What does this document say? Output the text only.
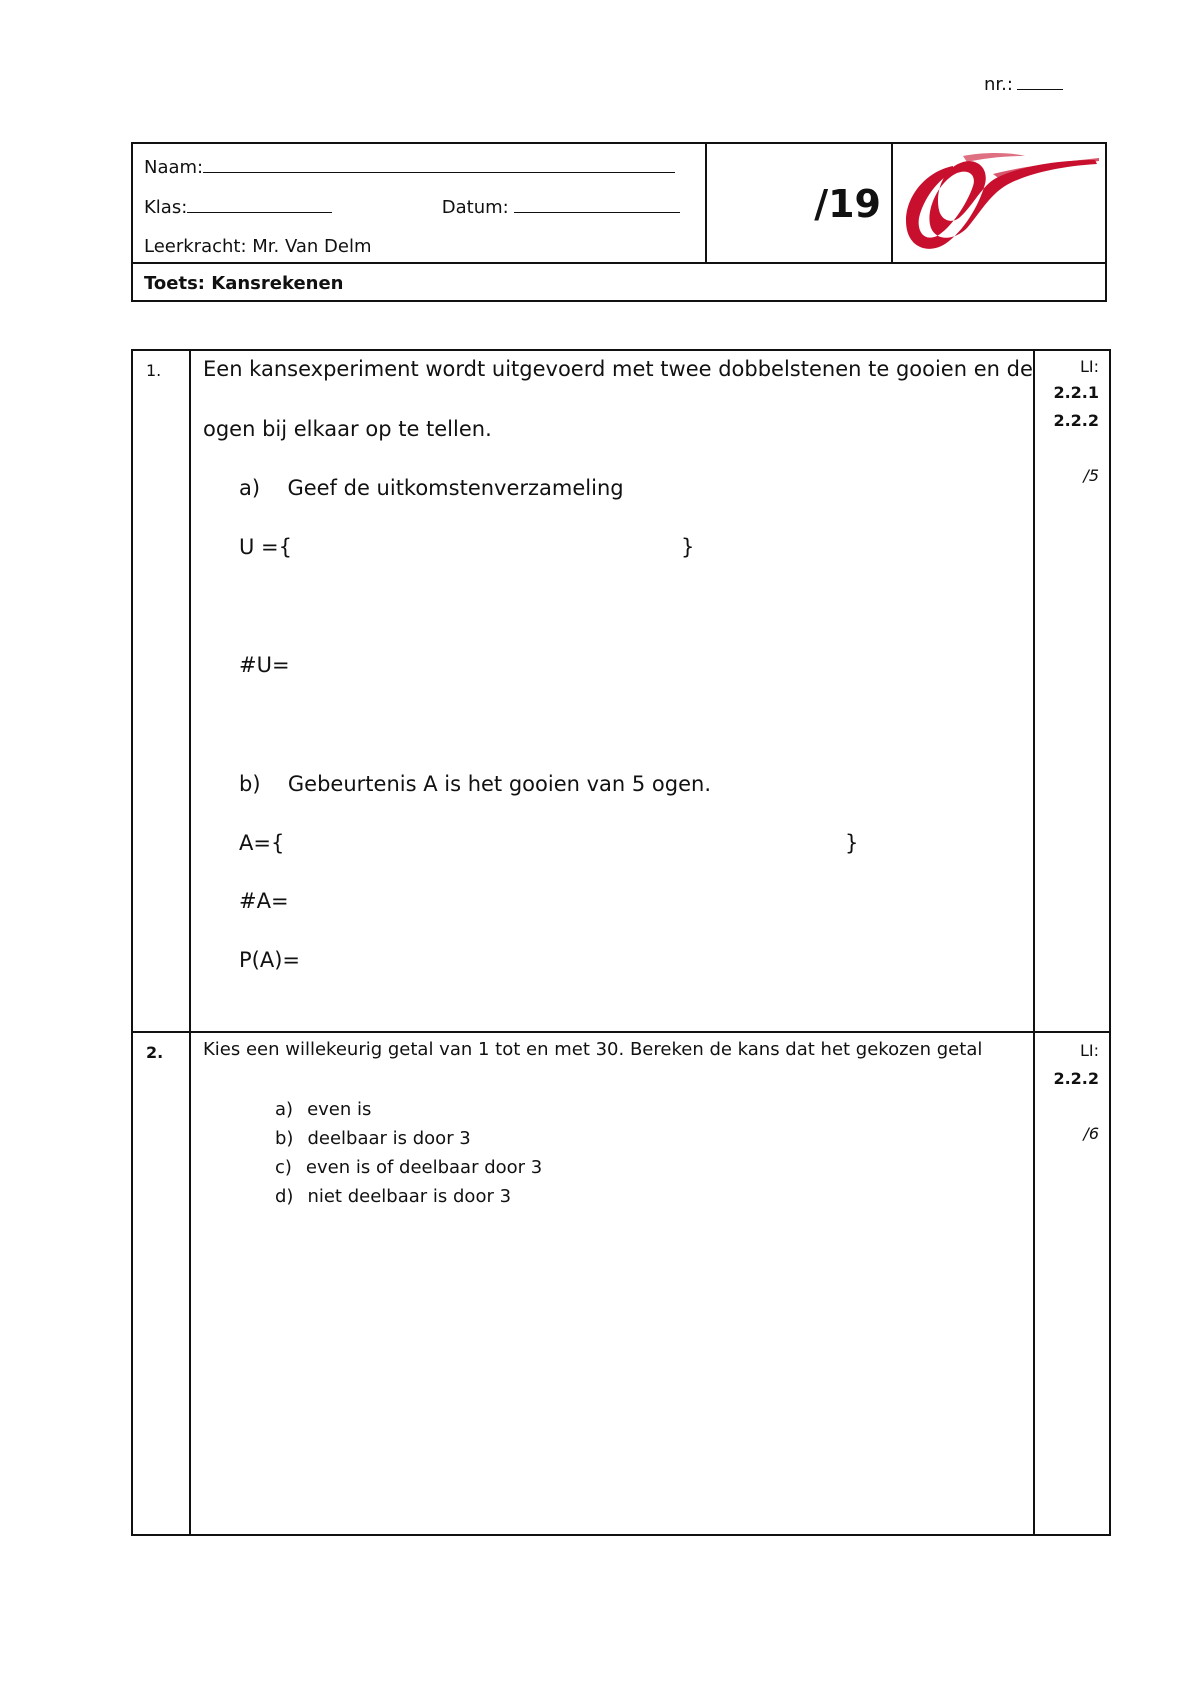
nr.:
Naam:
Klas:	Datum:
Leerkracht: Mr. Van Delm
/19
Toets: Kansrekenen
1. Een kansexperiment wordt uitgevoerd met twee dobbelstenen te gooien en de
ogen bij elkaar op te tellen.
a) Geef de uitkomstenverzameling
U ={	}
#U=
b) Gebeurtenis A is het gooien van 5 ogen.
A={	}
#A=
P(A)=
LI:
2.2.1
2.2.2
/5
2. Kies een willekeurig getal van 1 tot en met 30. Bereken de kans dat het gekozen getal
a) even is
b) deelbaar is door 3
c) even is of deelbaar door 3
d) niet deelbaar is door 3
LI:
2.2.2
/6
